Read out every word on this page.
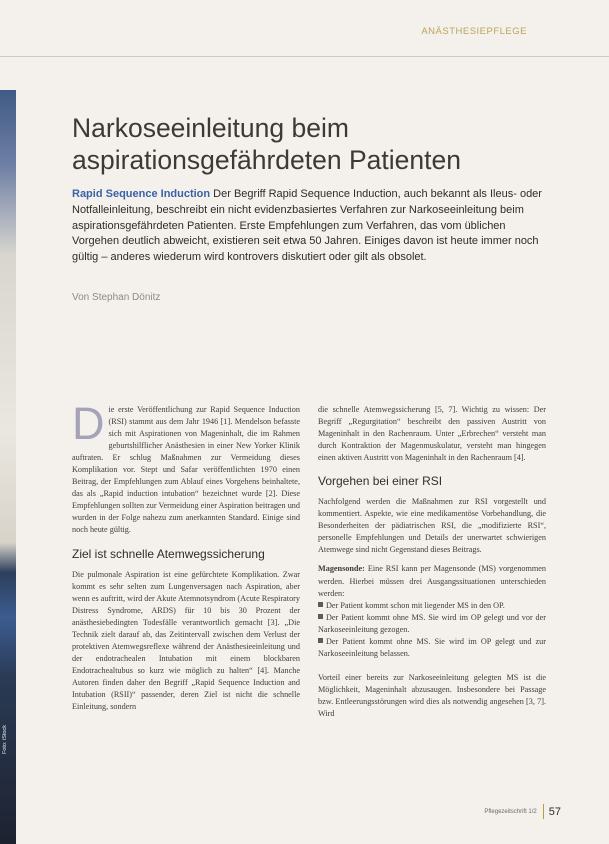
Foto: iStock
ANÄSTHESIEPFLEGE
Narkoseeinleitung beim
aspirationsgefährdeten Patienten

Rapid Sequence Induction Der Begriff Rapid Sequence Induction, auch bekannt als Ileus- oder Notfalleinleitung, beschreibt ein nicht evidenzbasiertes Verfahren zur Narkoseeinleitung beim aspirationsgefährdeten Patienten. Erste Empfehlungen zum Verfahren, das vom üblichen Vorgehen deutlich abweicht, existieren seit etwa 50 Jahren. Einiges davon ist heute immer noch gültig – anderes wiederum wird kontrovers diskutiert oder gilt als obsolet.

Von Stephan Dönitz

Die erste Veröffentlichung zur Rapid Sequence Induction (RSI) stammt aus dem Jahr 1946 [1]. Mendelson befasste sich mit Aspirationen von Mageninhalt, die im Rahmen geburtshilflicher Anästhesien in einer New Yorker Klinik auftraten. Er schlug Maßnahmen zur Vermeidung dieses Komplikation vor. Stept und Safar veröffentlichten 1970 einen Beitrag, der Empfehlungen zum Ablauf eines Vorgehens beinhaltete, das als „Rapid induction intubation“ bezeichnet wurde [2]. Diese Empfehlungen sollten zur Vermeidung einer Aspiration beitragen und wurden in der Folge nahezu zum anerkannten Standard. Einige sind noch heute gültig.

Ziel ist schnelle Atemwegssicherung

Die pulmonale Aspiration ist eine gefürchtete Komplikation. Zwar kommt es sehr selten zum Lungenversagen nach Aspiration, aber wenn es auftritt, wird der Akute Atemnotsyndrom (Acute Respiratory Distress Syndrome, ARDS) für 10 bis 30 Prozent der anästhesiebedingten Todesfälle verantwortlich gemacht [3]. „Die Technik zielt darauf ab, das Zeitintervall zwischen dem Verlust der protektiven Atemwegsreflexe während der Anästhesieeinleitung und der endotrachealen Intubation mit einem blockbaren Endotrachealtubus so kurz wie möglich zu halten“ [4]. Manche Autoren finden daher den Begriff „Rapid Sequence Induction and Intubation (RSII)“ passender, deren Ziel ist nicht die schnelle Einleitung, sondern

die schnelle Atemwegssicherung [5, 7]. Wichtig zu wissen: Der Begriff „Regurgitation“ beschreibt den passiven Austritt von Mageninhalt in den Rachenraum. Unter „Erbrechen“ versteht man durch Kontraktion der Magenmuskulatur, versteht man hingegen einen aktiven Austritt von Mageninhalt in den Rachenraum [4].

Vorgehen bei einer RSI

Nachfolgend werden die Maßnahmen zur RSI vorgestellt und kommentiert. Aspekte, wie eine medikamentöse Vorbehandlung, die Besonderheiten der pädiatrischen RSI, die „modifizierte RSI“, personelle Empfehlungen und Details der unerwartet schwierigen Atemwege sind nicht Gegenstand dieses Beitrags.

Magensonde: Eine RSI kann per Magensonde (MS) vorgenommen werden. Hierbei müssen drei Ausgangssituationen unterschieden werden:

Der Patient kommt schon mit liegender MS in den OP.

Der Patient kommt ohne MS. Sie wird im OP gelegt und vor der Narkoseeinleitung gezogen.

Der Patient kommt ohne MS. Sie wird im OP gelegt und zur Narkoseeinleitung belassen.

Vorteil einer bereits zur Narkoseeinleitung gelegten MS ist die Möglichkeit, Mageninhalt abzusaugen. Insbesondere bei Passage bzw. Entleerungsstörungen wird dies als notwendig angesehen [3, 7]. Wird

Pflegezeitschrift 1/2 57
